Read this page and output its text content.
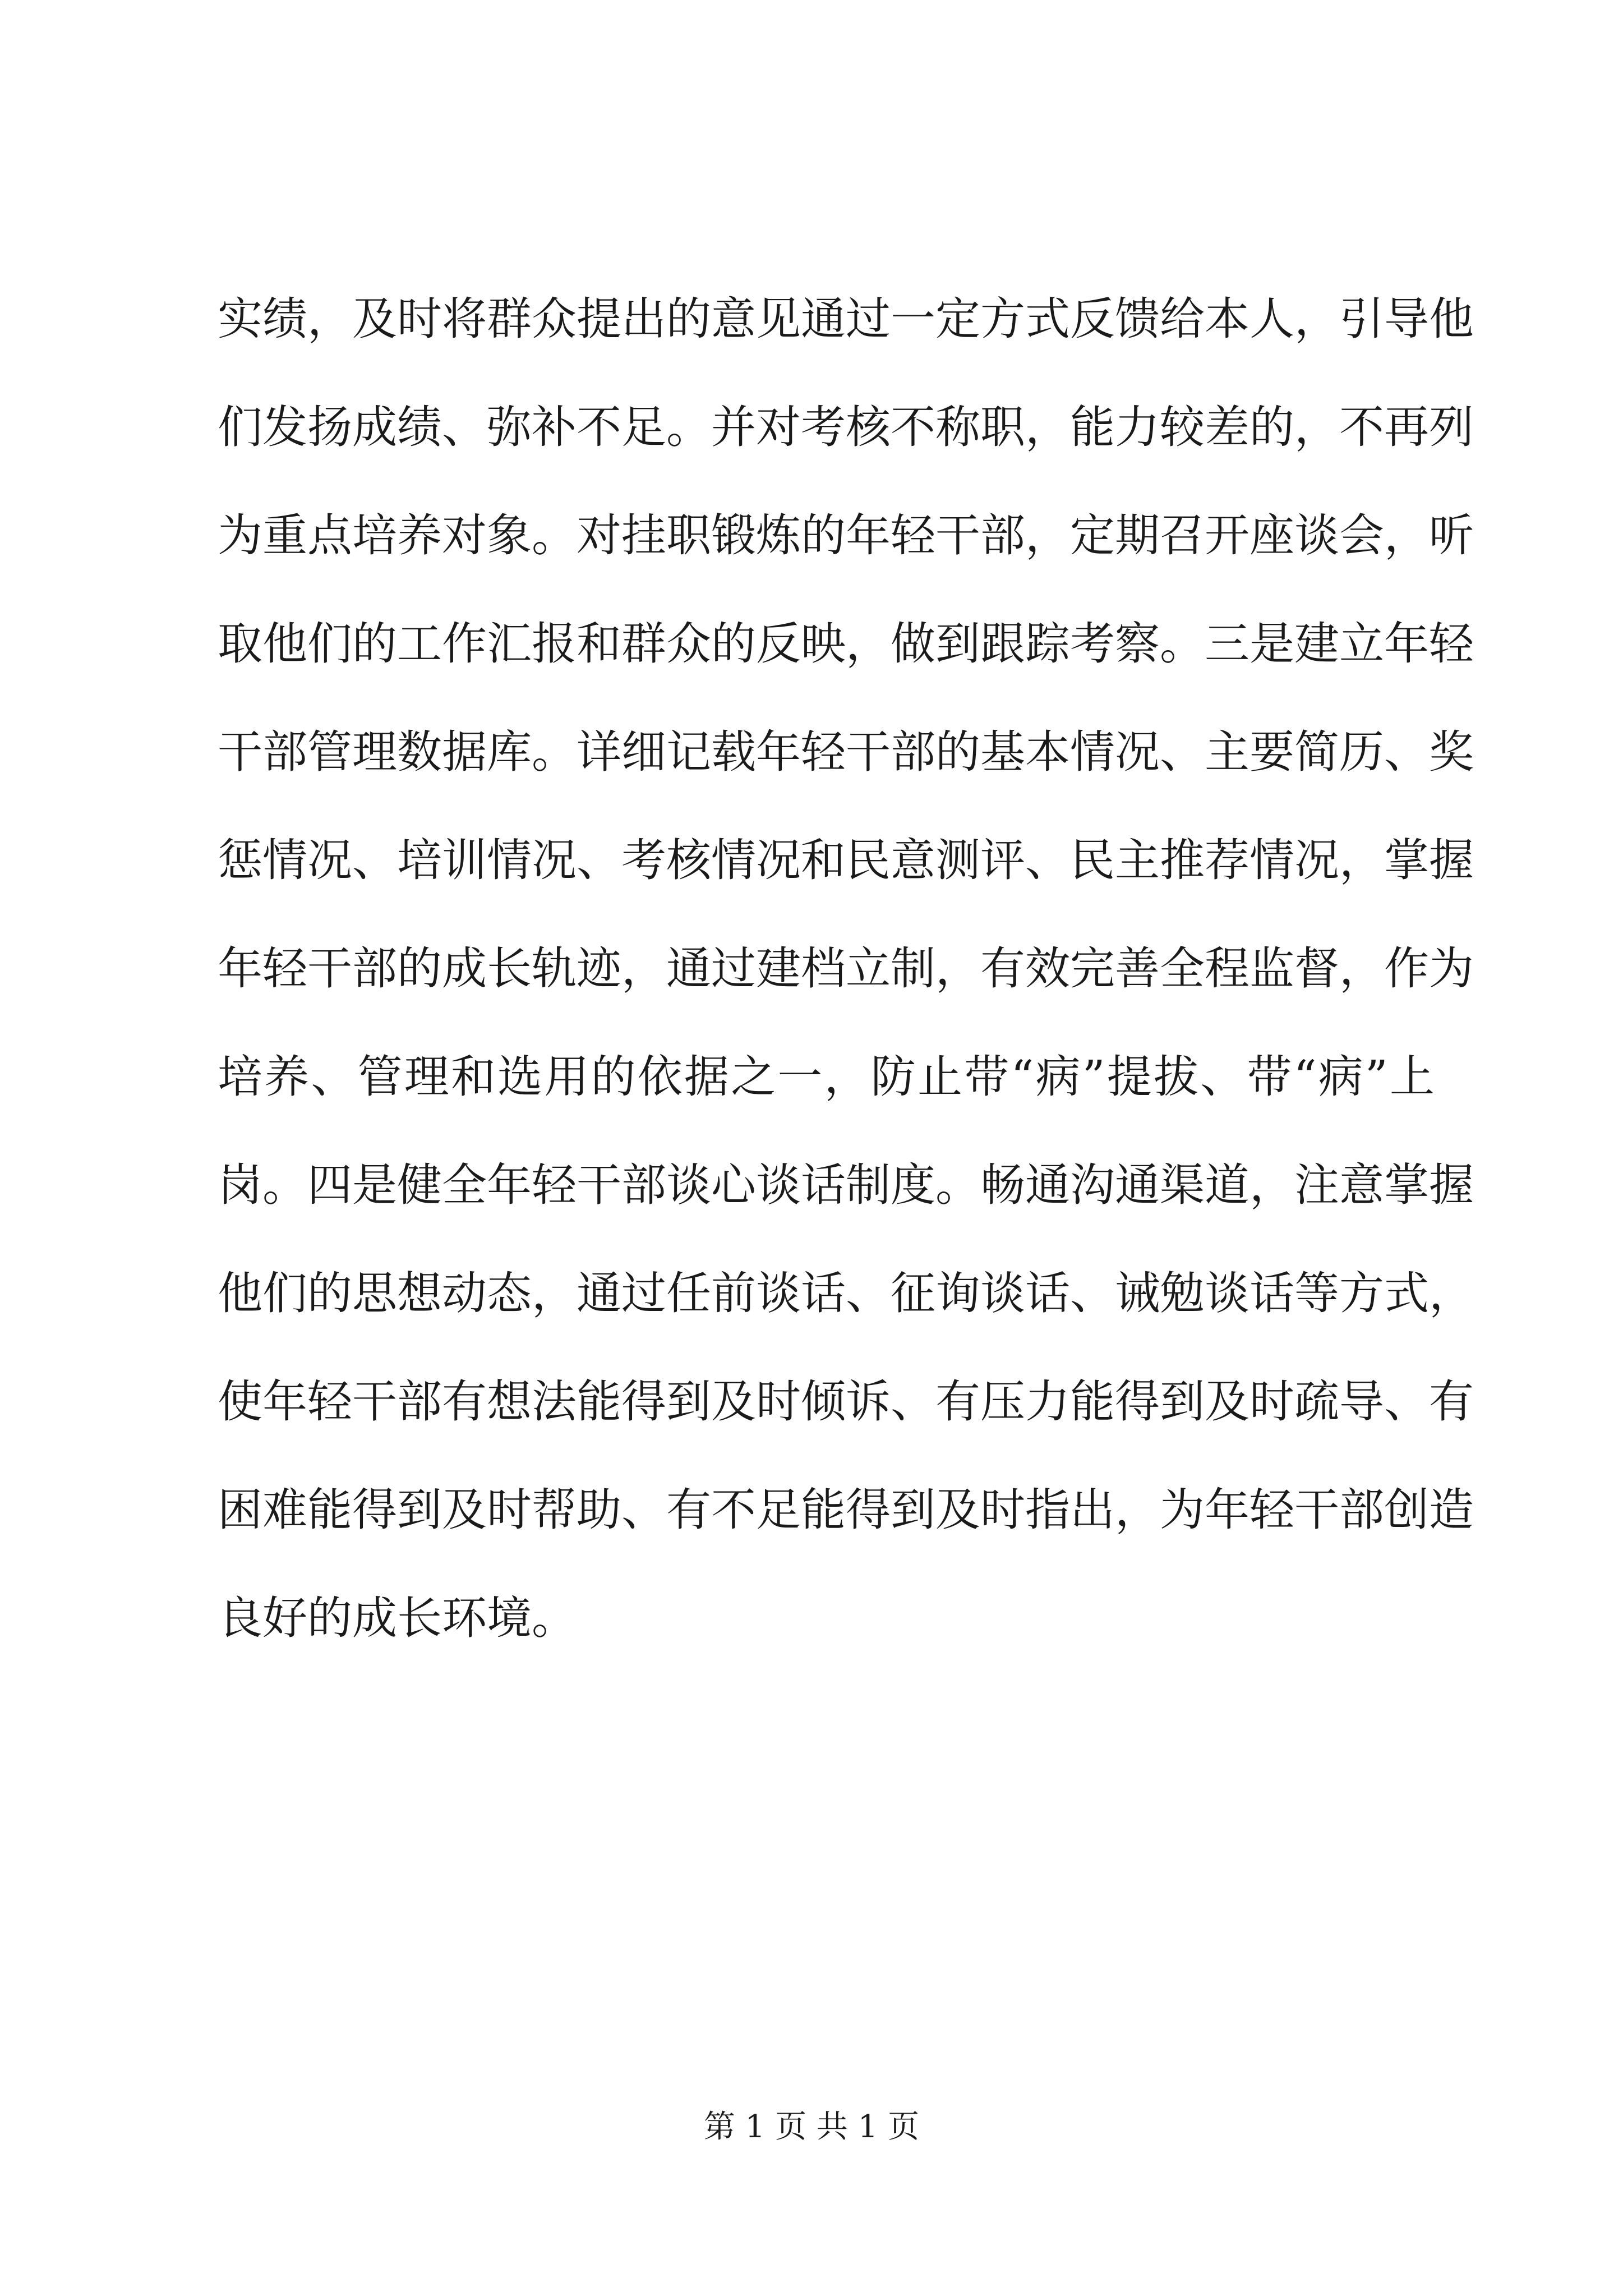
实绩，及时将群众提出的意见通过一定方式反馈给本人，引导他
们发扬成绩、弥补不足。并对考核不称职，能力较差的，不再列
为重点培养对象。对挂职锻炼的年轻干部，定期召开座谈会，听
取他们的工作汇报和群众的反映，做到跟踪考察。三是建立年轻
干部管理数据库。详细记载年轻干部的基本情况、主要简历、奖
惩情况、培训情况、考核情况和民意测评、民主推荐情况，掌握
年轻干部的成长轨迹，通过建档立制，有效完善全程监督，作为
培养、管理和选用的依据之一，防止带“病”提拔、带“病”上
岗。四是健全年轻干部谈心谈话制度。畅通沟通渠道，注意掌握
他们的思想动态，通过任前谈话、征询谈话、诫勉谈话等方式，
使年轻干部有想法能得到及时倾诉、有压力能得到及时疏导、有
困难能得到及时帮助、有不足能得到及时指出，为年轻干部创造
良好的成长环境。
第 1 页 共 1 页
